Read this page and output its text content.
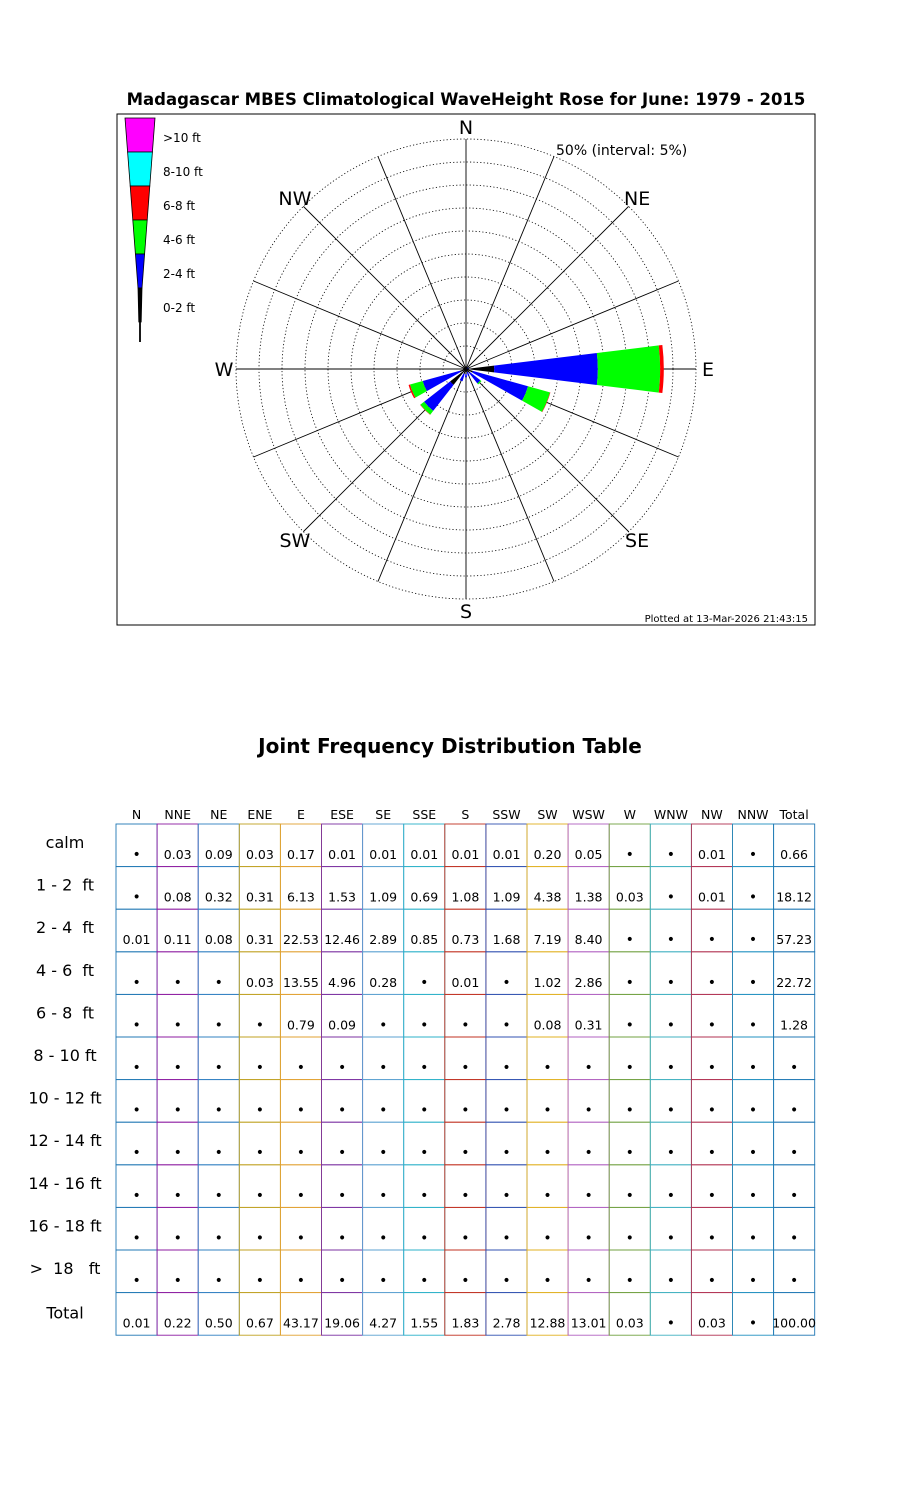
Madagascar MBES Climatological WaveHeight Rose for June: 1979 - 2015
N
NE
E
SE
S
SW
W
NW
50% (interval: 5%)
>10 ft
8-10 ft
6-8 ft
4-6 ft
2-4 ft
0-2 ft
Plotted at 13-Mar-2026 21:43:15
Joint Frequency Distribution Table
N NNE NE ENE E ESE SE SSE S SSW SW WSW W WNW NW NNW Total
calm
1 - 2  ft
2 - 4  ft
4 - 6  ft
6 - 8  ft
8 - 10 ft
10 - 12 ft
12 - 14 ft
14 - 16 ft
16 - 18 ft
>  18   ft
Total
• 0.03 0.09 0.03 0.17 0.01 0.01 0.01 0.01 0.01 0.20 0.05 • • 0.01 • 0.66
• 0.08 0.32 0.31 6.13 1.53 1.09 0.69 1.08 1.09 4.38 1.38 0.03 • 0.01 • 18.12
0.01 0.11 0.08 0.31 22.53 12.46 2.89 0.85 0.73 1.68 7.19 8.40 • • • • 57.23
• • • 0.03 13.55 4.96 0.28 • 0.01 • 1.02 2.86 • • • • 22.72
• • • • 0.79 0.09 • • • • 0.08 0.31 • • • • 1.28
• • • • • • • • • • • • • • • • •
• • • • • • • • • • • • • • • • •
• • • • • • • • • • • • • • • • •
• • • • • • • • • • • • • • • • •
• • • • • • • • • • • • • • • • •
• • • • • • • • • • • • • • • • •
0.01 0.22 0.50 0.67 43.17 19.06 4.27 1.55 1.83 2.78 12.88 13.01 0.03 • 0.03 • 100.00
